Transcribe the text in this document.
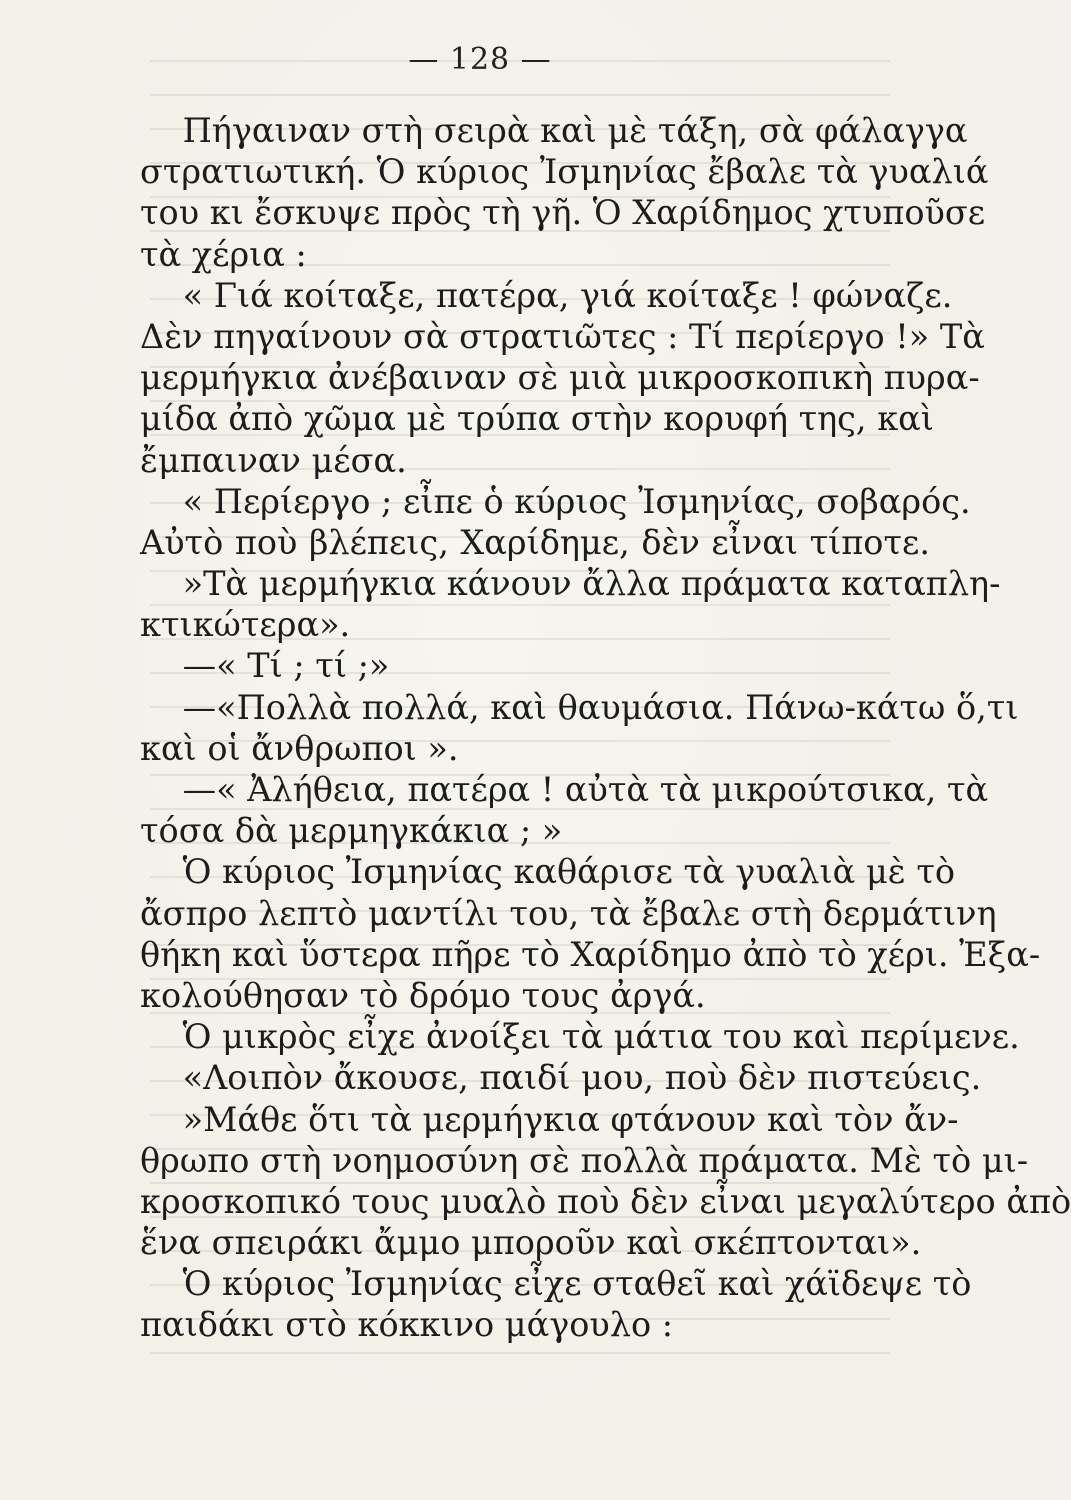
— 128 —
Πήγαιναν στὴ σειρὰ καὶ μὲ τάξη, σὰ φάλαγγα
στρατιωτική. Ὁ κύριος Ἰσμηνίας ἔβαλε τὰ γυαλιά
του κι ἔσκυψε πρὸς τὴ γῆ. Ὁ Χαρίδημος χτυποῦσε
τὰ χέρια :
« Γιά κοίταξε, πατέρα, γιά κοίταξε ! φώναζε.
Δὲν πηγαίνουν σὰ στρατιῶτες : Τί περίεργο !» Τὰ
μερμήγκια ἀνέβαιναν σὲ μιὰ μικροσκοπικὴ πυρα-
μίδα ἀπὸ χῶμα μὲ τρύπα στὴν κορυφή της, καὶ
ἔμπαιναν μέσα.
« Περίεργο ; εἶπε ὁ κύριος Ἰσμηνίας, σοβαρός.
Αὐτὸ ποὺ βλέπεις, Χαρίδημε, δὲν εἶναι τίποτε.
»Τὰ μερμήγκια κάνουν ἄλλα πράματα καταπλη-
κτικώτερα».
—« Τί ; τί ;»
—«Πολλὰ πολλά, καὶ θαυμάσια. Πάνω-κάτω ὅ,τι
καὶ οἱ ἄνθρωποι ».
—« Ἀλήθεια, πατέρα ! αὐτὰ τὰ μικρούτσικα, τὰ
τόσα δὰ μερμηγκάκια ; »
Ὁ κύριος Ἰσμηνίας καθάρισε τὰ γυαλιὰ μὲ τὸ
ἄσπρο λεπτὸ μαντίλι του, τὰ ἔβαλε στὴ δερμάτινη
θήκη καὶ ὕστερα πῆρε τὸ Χαρίδημο ἀπὸ τὸ χέρι. Ἐξα-
κολούθησαν τὸ δρόμο τους ἀργά.
Ὁ μικρὸς εἶχε ἀνοίξει τὰ μάτια του καὶ περίμενε.
«Λοιπὸν ἄκουσε, παιδί μου, ποὺ δὲν πιστεύεις.
»Μάθε ὅτι τὰ μερμήγκια φτάνουν καὶ τὸν ἄν-
θρωπο στὴ νοημοσύνη σὲ πολλὰ πράματα. Μὲ τὸ μι-
κροσκοπικό τους μυαλὸ ποὺ δὲν εἶναι μεγαλύτερο ἀπὸ
ἕνα σπειράκι ἄμμο μποροῦν καὶ σκέπτονται».
Ὁ κύριος Ἰσμηνίας εἶχε σταθεῖ καὶ χάϊδεψε τὸ
παιδάκι στὸ κόκκινο μάγουλο :
